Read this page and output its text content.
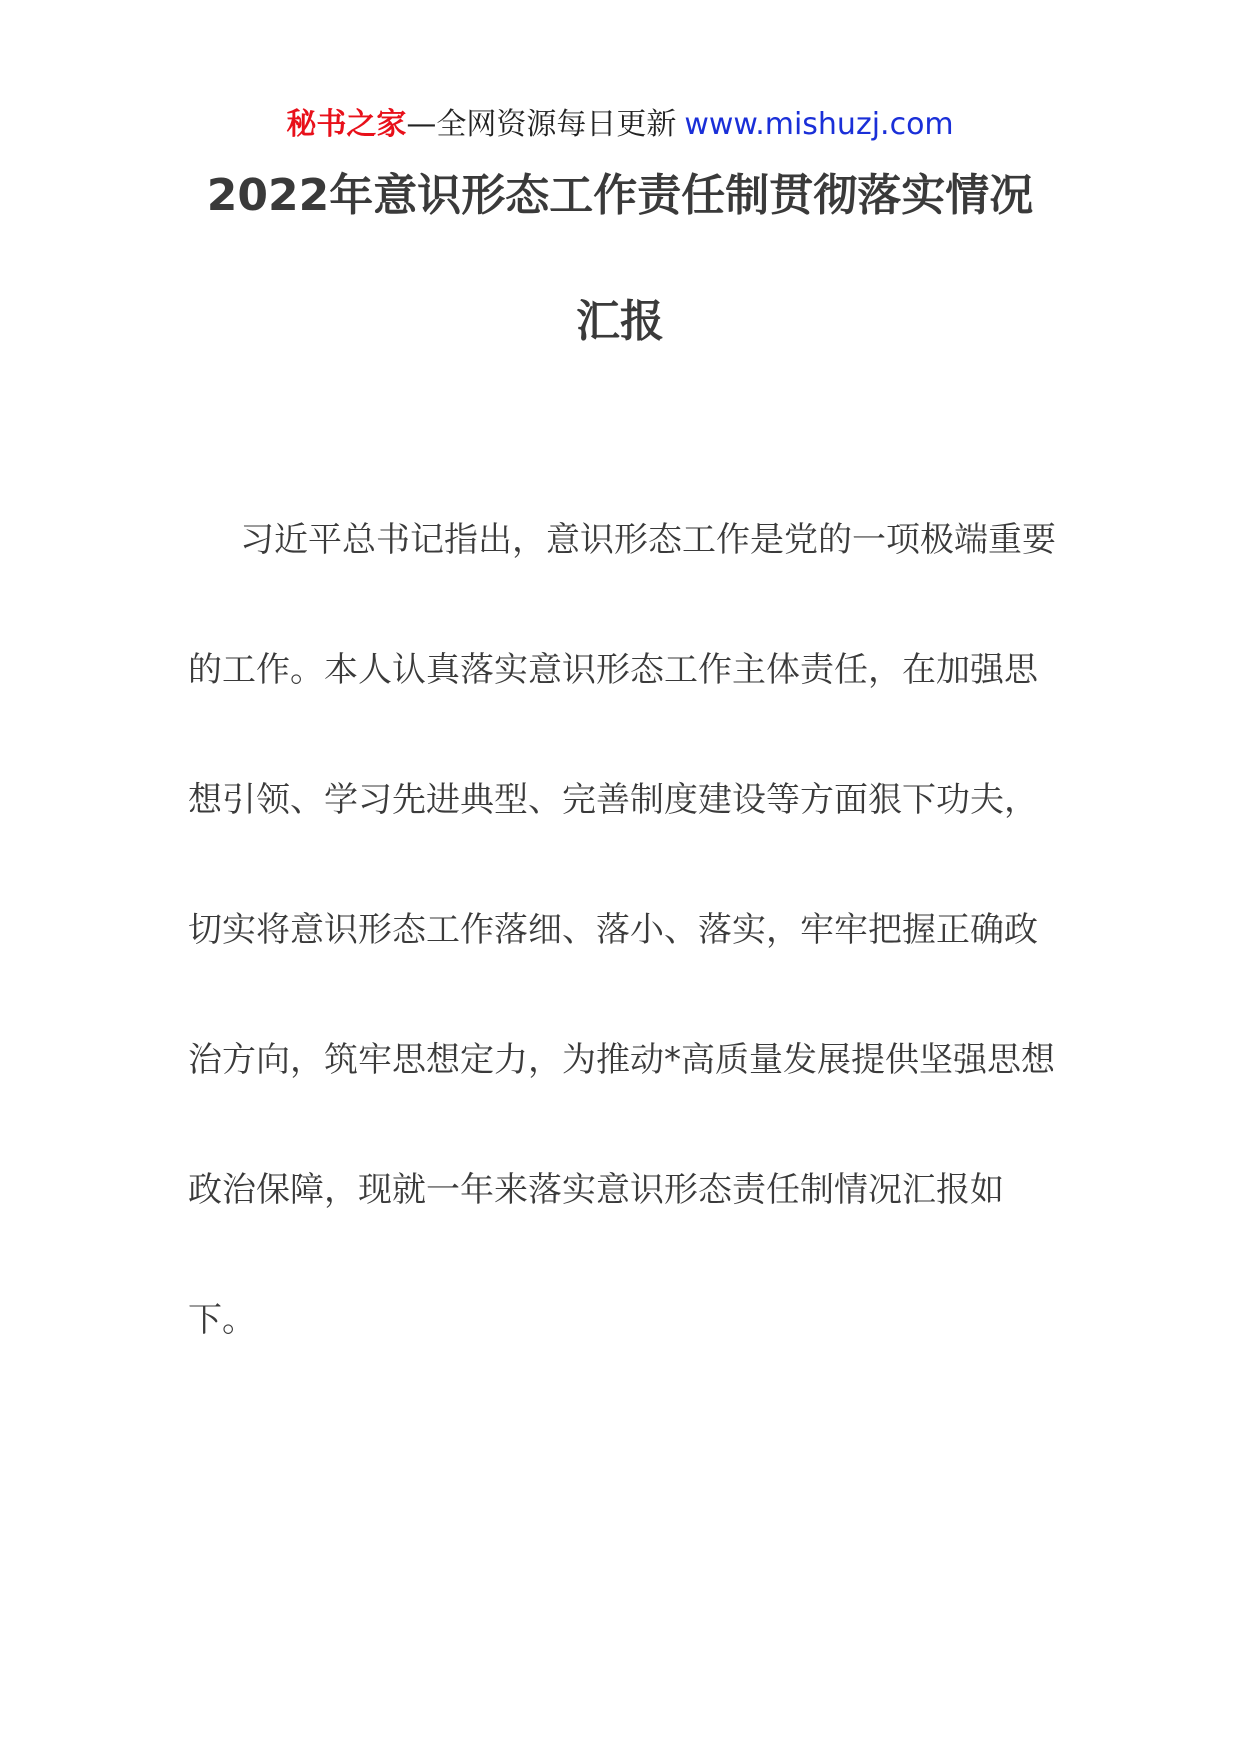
秘书之家—全网资源每日更新 www.mishuzj.com
2022年意识形态工作责任制贯彻落实情况
汇报
习近平总书记指出，意识形态工作是党的一项极端重要
的工作。本人认真落实意识形态工作主体责任，在加强思
想引领、学习先进典型、完善制度建设等方面狠下功夫，
切实将意识形态工作落细、落小、落实，牢牢把握正确政
治方向，筑牢思想定力，为推动*高质量发展提供坚强思想
政治保障，现就一年来落实意识形态责任制情况汇报如
下。
